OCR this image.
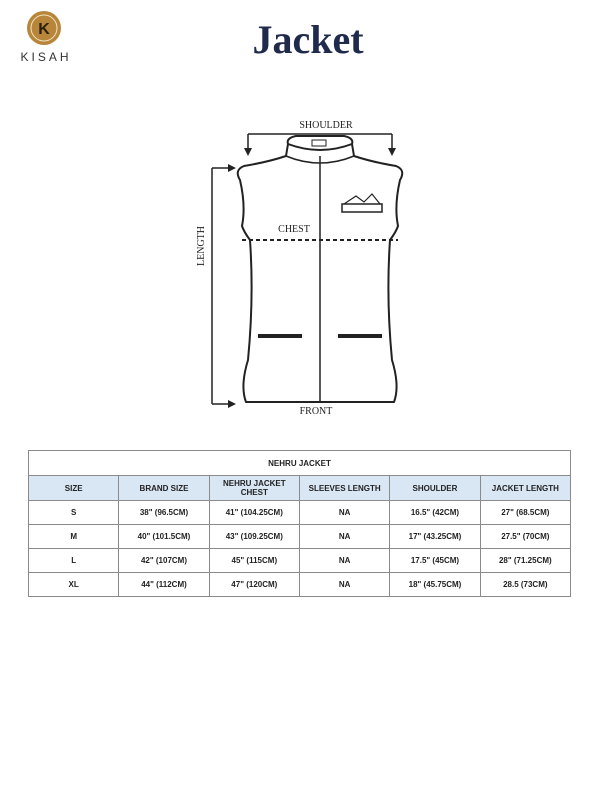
K
KISAH	Jacket
SHOULDER
LENGTH	CHEST
FRONT
NEHRU JACKET					
SIZE	BRAND SIZE	NEHRU JACKET CHEST	SLEEVES LENGTH	SHOULDER	JACKET LENGTH
S	38" (96.5CM)	41" (104.25CM)	NA	16.5" (42CM)	27" (68.5CM)
M	40" (101.5CM)	43" (109.25CM)	NA	17" (43.25CM)	27.5" (70CM)
L	42" (107CM)	45" (115CM)	NA	17.5" (45CM)	28" (71.25CM)
XL	44" (112CM)	47" (120CM)	NA	18" (45.75CM)	28.5 (73CM)
